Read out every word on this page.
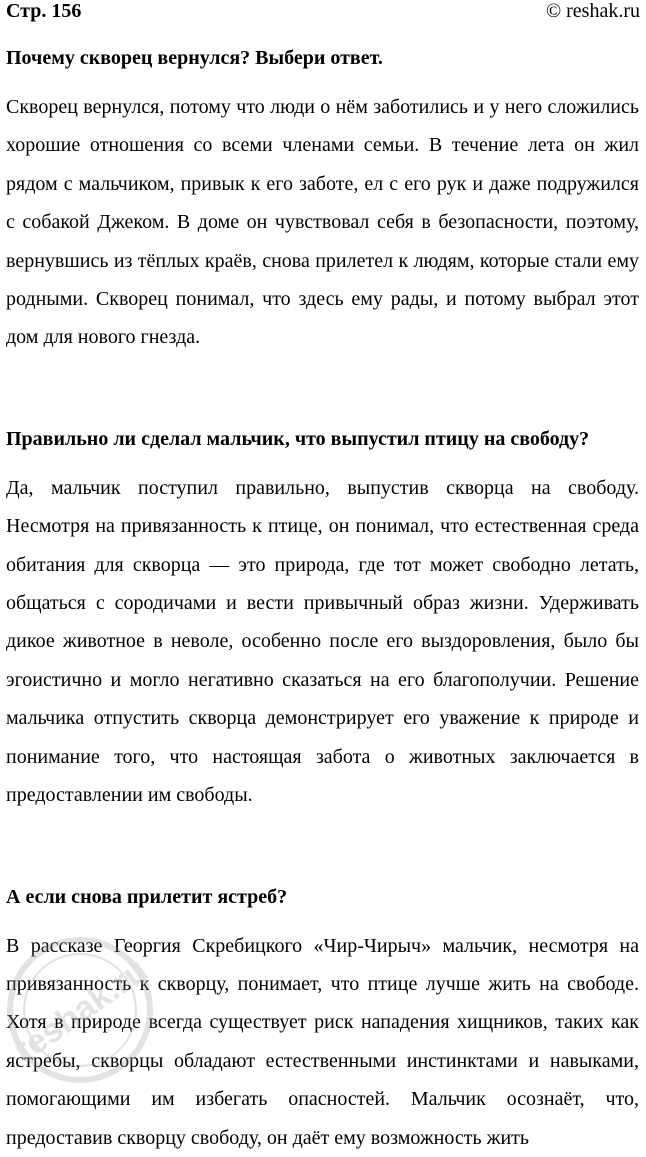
Стр. 156	© reshak.ru

Почему скворец вернулся? Выбери ответ.

Скворец вернулся, потому что люди о нём заботились и у него сложились хорошие отношения со всеми членами семьи. В течение лета он жил рядом с мальчиком, привык к его заботе, ел с его рук и даже подружился с собакой Джеком. В доме он чувствовал себя в безопасности, поэтому, вернувшись из тёплых краёв, снова прилетел к людям, которые стали ему родными. Скворец понимал, что здесь ему рады, и потому выбрал этот дом для нового гнезда.

Правильно ли сделал мальчик, что выпустил птицу на свободу?

Да, мальчик поступил правильно, выпустив скворца на свободу. Несмотря на привязанность к птице, он понимал, что естественная среда обитания для скворца — это природа, где тот может свободно летать, общаться с сородичами и вести привычный образ жизни. Удерживать дикое животное в неволе, особенно после его выздоровления, было бы эгоистично и могло негативно сказаться на его благополучии. Решение мальчика отпустить скворца демонстрирует его уважение к природе и понимание того, что настоящая забота о животных заключается в предоставлении им свободы.

А если снова прилетит ястреб?

В рассказе Георгия Скребицкого «Чир-Чирыч» мальчик, несмотря на привязанность к скворцу, понимает, что птице лучше жить на свободе. Хотя в природе всегда существует риск нападения хищников, таких как ястребы, скворцы обладают естественными инстинктами и навыками, помогающими им избегать опасностей. Мальчик осознаёт, что, предоставив скворцу свободу, он даёт ему возможность жить

reshak.ru
